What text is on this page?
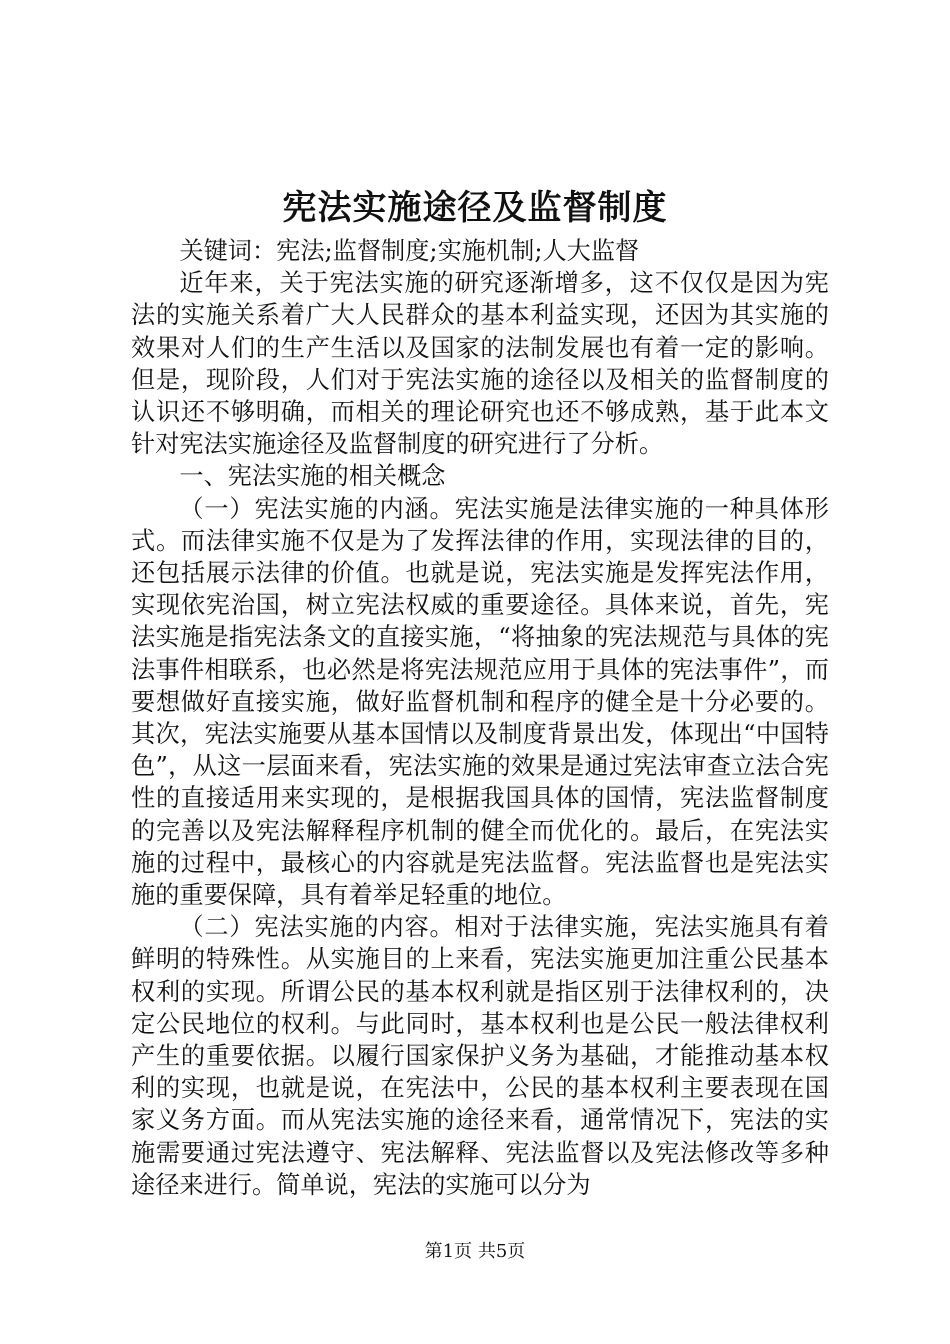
宪法实施途径及监督制度

关键词：宪法;监督制度;实施机制;人大监督

近年来，关于宪法实施的研究逐渐增多，这不仅仅是因为宪法的实施关系着广大人民群众的基本利益实现，还因为其实施的效果对人们的生产生活以及国家的法制发展也有着一定的影响。但是，现阶段，人们对于宪法实施的途径以及相关的监督制度的认识还不够明确，而相关的理论研究也还不够成熟，基于此本文针对宪法实施途径及监督制度的研究进行了分析。

一、宪法实施的相关概念

（一）宪法实施的内涵。宪法实施是法律实施的一种具体形式。而法律实施不仅是为了发挥法律的作用，实现法律的目的，还包括展示法律的价值。也就是说，宪法实施是发挥宪法作用，实现依宪治国，树立宪法权威的重要途径。具体来说，首先，宪法实施是指宪法条文的直接实施，“将抽象的宪法规范与具体的宪法事件相联系，也必然是将宪法规范应用于具体的宪法事件”，而要想做好直接实施，做好监督机制和程序的健全是十分必要的。其次，宪法实施要从基本国情以及制度背景出发，体现出“中国特色”，从这一层面来看，宪法实施的效果是通过宪法审查立法合宪性的直接适用来实现的，是根据我国具体的国情，宪法监督制度的完善以及宪法解释程序机制的健全而优化的。最后，在宪法实施的过程中，最核心的内容就是宪法监督。宪法监督也是宪法实施的重要保障，具有着举足轻重的地位。

（二）宪法实施的内容。相对于法律实施，宪法实施具有着鲜明的特殊性。从实施目的上来看，宪法实施更加注重公民基本权利的实现。所谓公民的基本权利就是指区别于法律权利的，决定公民地位的权利。与此同时，基本权利也是公民一般法律权利产生的重要依据。以履行国家保护义务为基础，才能推动基本权利的实现，也就是说，在宪法中，公民的基本权利主要表现在国家义务方面。而从宪法实施的途径来看，通常情况下，宪法的实施需要通过宪法遵守、宪法解释、宪法监督以及宪法修改等多种途径来进行。简单说，宪法的实施可以分为

第1页 共5页
